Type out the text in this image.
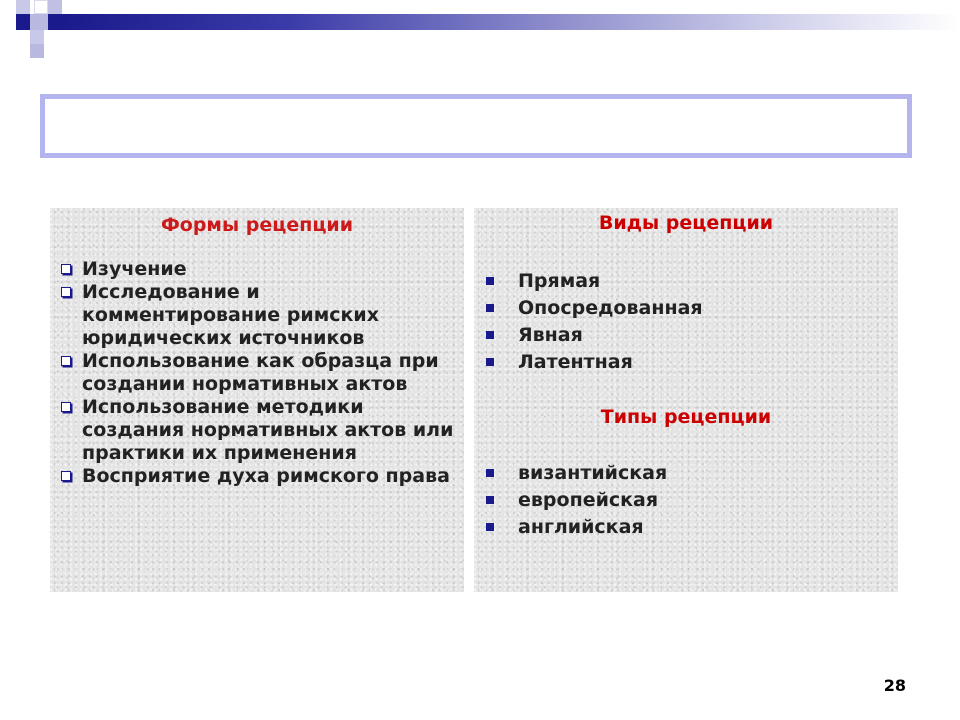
Формы рецепции
Изучение
Исследование и комментирование римских юридических источников
Использование как образца при создании нормативных актов
Использование методики создания нормативных актов или практики их применения
Восприятие духа римского права
Виды рецепции
Прямая
Опосредованная
Явная
Латентная
Типы рецепции
византийская
европейская
английская
28
